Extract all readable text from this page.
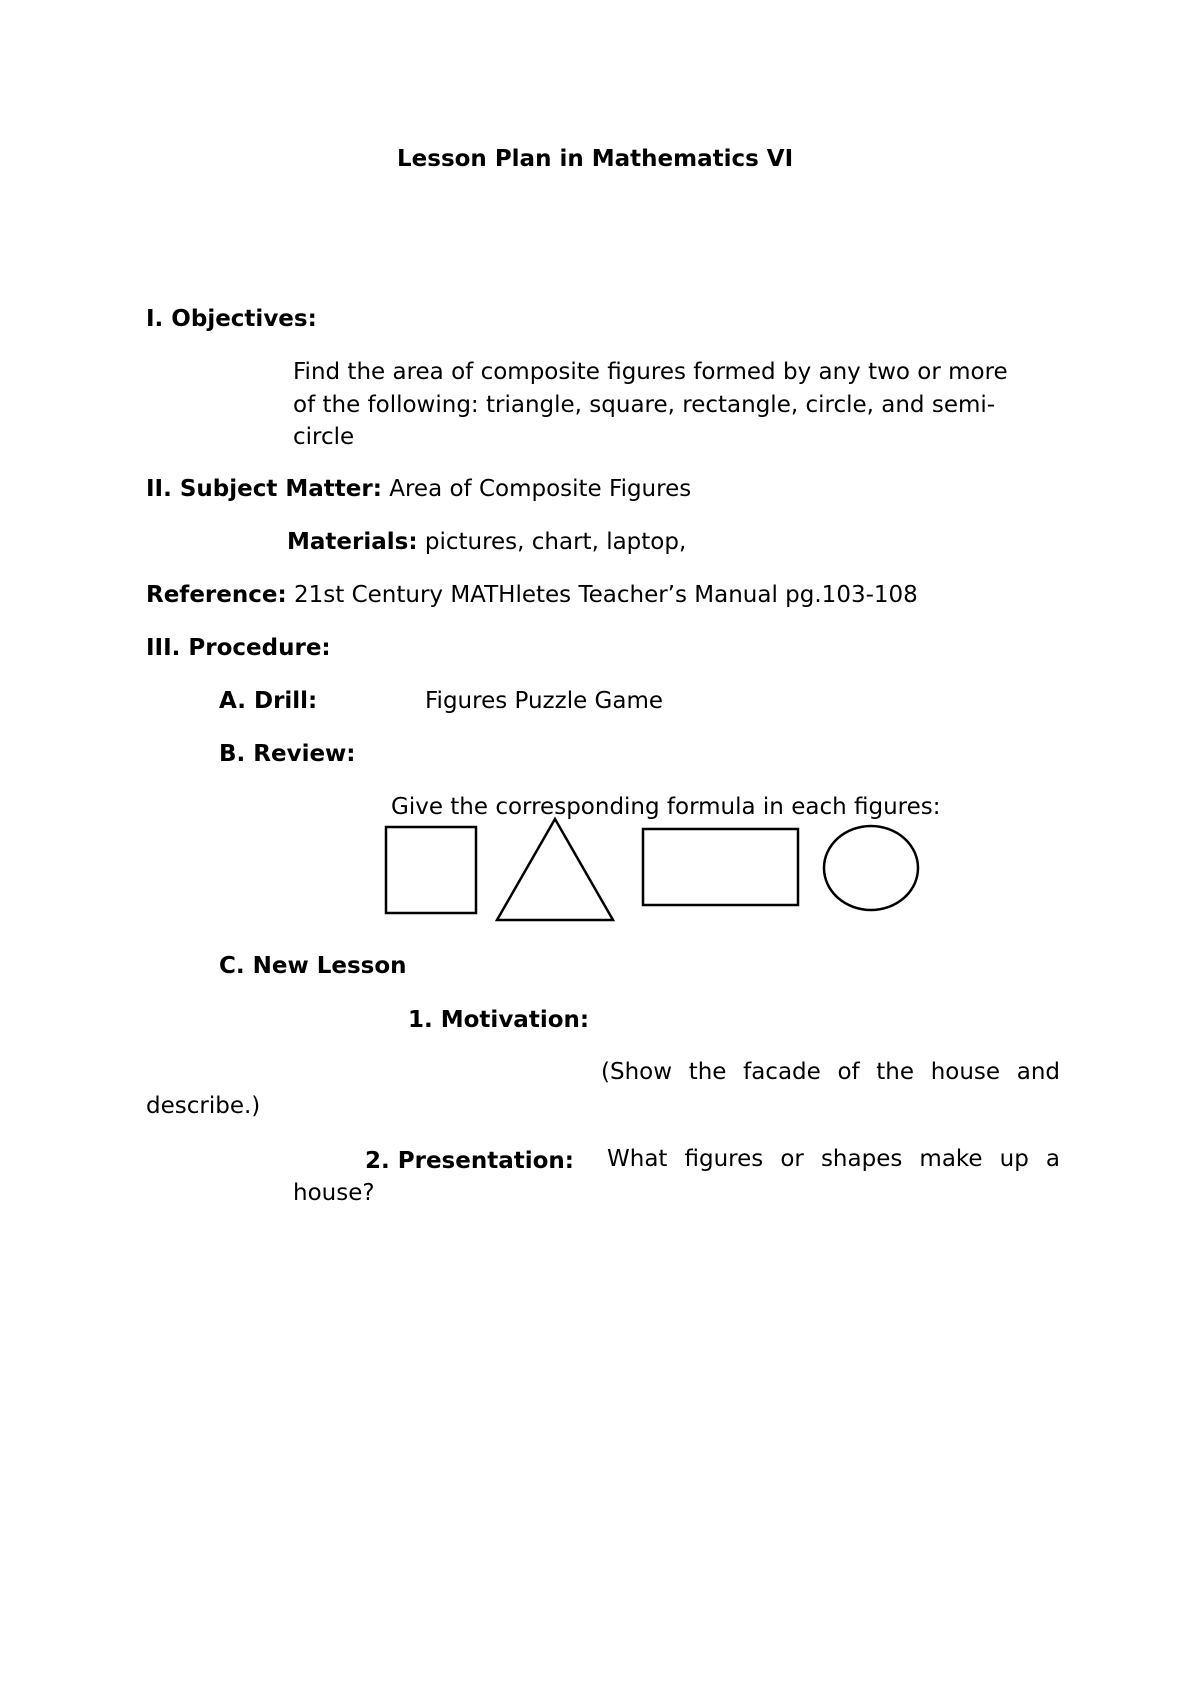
Lesson Plan in Mathematics VI
I. Objectives:
Find the area of composite figures formed by any two or more
of the following: triangle, square, rectangle, circle, and semi-
circle
II. Subject Matter: Area of Composite Figures
Materials: pictures, chart, laptop,
Reference: 21st Century MATHletes Teacher’s Manual pg.103-108
III. Procedure:
A. Drill:	Figures Puzzle Game
B. Review:
Give the corresponding formula in each figures:
C. New Lesson
1. Motivation:
(Show the facade of the house and
describe.)
2. Presentation: What figures or shapes make up a
house?
